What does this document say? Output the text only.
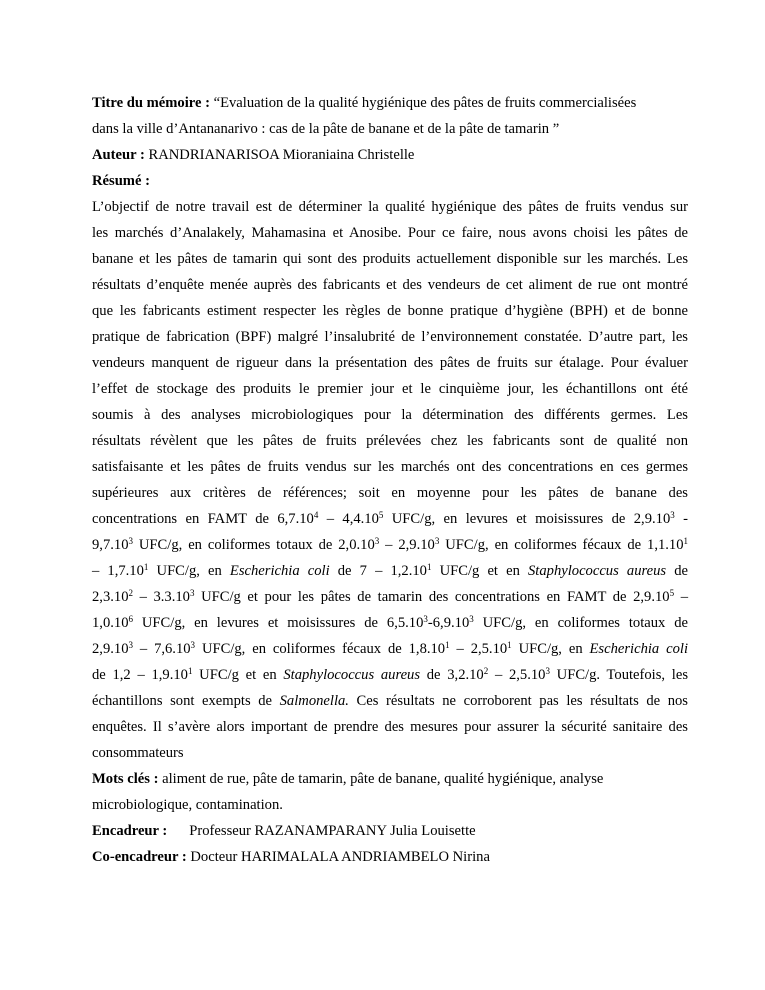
Titre du mémoire : “Evaluation de la qualité hygiénique des pâtes de fruits commercialisées
dans la ville d’Antananarivo : cas de la pâte de banane et de la pâte de tamarin ”
Auteur : RANDRIANARISOA Mioraniaina Christelle
Résumé :
L’objectif de notre travail est de déterminer la qualité hygiénique des pâtes de fruits vendus sur
les marchés d’Analakely, Mahamasina et Anosibe. Pour ce faire, nous avons choisi les pâtes de
banane et les pâtes de tamarin qui sont des produits actuellement disponible sur les marchés. Les
résultats d’enquête menée auprès des fabricants et des vendeurs de cet aliment de rue ont montré
que les fabricants estiment respecter les règles de bonne pratique d’hygiène (BPH) et de bonne
pratique de fabrication (BPF) malgré l’insalubrité de l’environnement constatée. D’autre part, les
vendeurs manquent de rigueur dans la présentation des pâtes de fruits sur étalage. Pour évaluer
l’effet de stockage des produits le premier jour et le cinquième jour, les échantillons ont été
soumis à des analyses microbiologiques pour la détermination des différents germes. Les
résultats révèlent que les pâtes de fruits prélevées chez les fabricants sont de qualité non
satisfaisante et les pâtes de fruits vendus sur les marchés ont des concentrations en ces germes
supérieures aux critères de références; soit en moyenne pour les pâtes de banane des
concentrations en FAMT de 6,7.10$^4$ – 4,4.10$^5$ UFC/g, en levures et moisissures de 2,9.10$^3$ -
9,7.10$^3$ UFC/g, en coliformes totaux de 2,0.10$^3$ – 2,9.10$^3$ UFC/g, en coliformes fécaux de 1,1.10$^1$
– 1,7.10$^1$ UFC/g, en Escherichia coli de 7 – 1,2.10$^1$ UFC/g et en Staphylococcus aureus de
2,3.10$^2$ – 3.3.10$^3$ UFC/g et pour les pâtes de tamarin des concentrations en FAMT de 2,9.10$^5$ –
1,0.10$^6$ UFC/g, en levures et moisissures de 6,5.10$^3$-6,9.10$^3$ UFC/g, en coliformes totaux de
2,9.10$^3$ – 7,6.10$^3$ UFC/g, en coliformes fécaux de 1,8.10$^1$ – 2,5.10$^1$ UFC/g, en Escherichia coli
de 1,2 – 1,9.10$^1$ UFC/g et en Staphylococcus aureus de 3,2.10$^2$ – 2,5.10$^3$ UFC/g. Toutefois, les
échantillons sont exempts de Salmonella. Ces résultats ne corroborent pas les résultats de nos
enquêtes. Il s’avère alors important de prendre des mesures pour assurer la sécurité sanitaire des
consommateurs
Mots clés : aliment de rue, pâte de tamarin, pâte de banane, qualité hygiénique, analyse
microbiologique, contamination.
Encadreur : Professeur RAZANAMPARANY Julia Louisette
Co-encadreur : Docteur HARIMALALA ANDRIAMBELO Nirina
